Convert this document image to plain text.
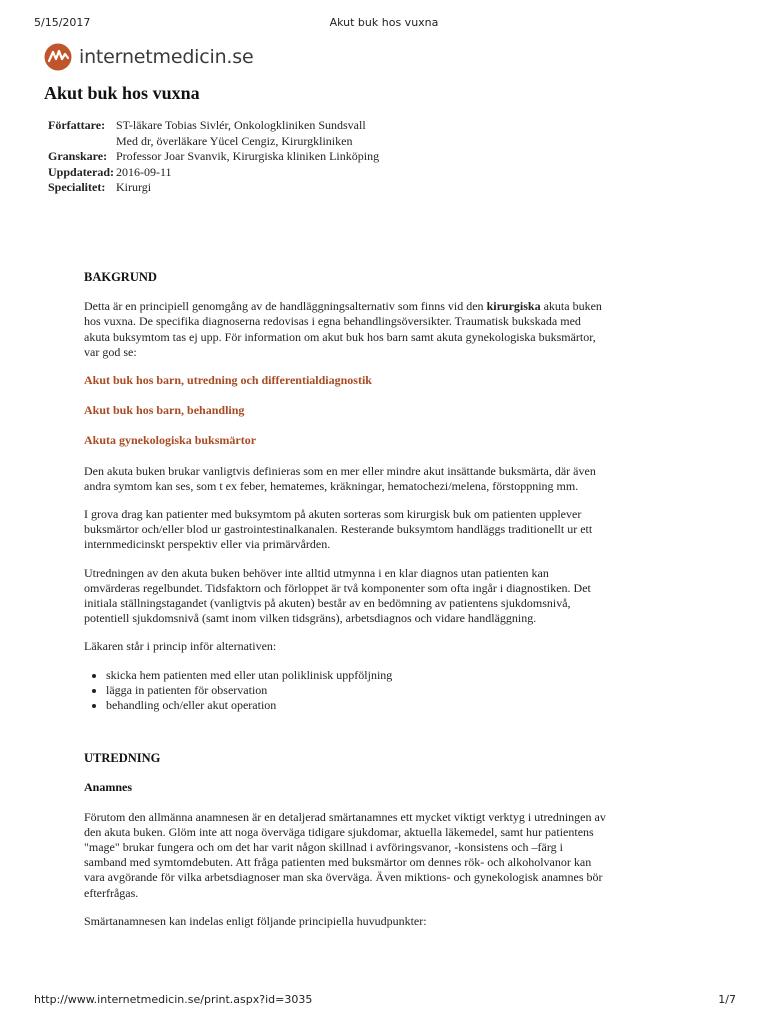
5/15/2017	Akut buk hos vuxna
internetmedicin.se
Akut buk hos vuxna
Författare:	ST-läkare Tobias Sivlér, Onkologkliniken Sundsvall
Med dr, överläkare Yücel Cengiz, Kirurgkliniken

Granskare:	Professor Joar Svanvik, Kirurgiska kliniken Linköping
Uppdaterad:	2016-09-11
Specialitet:	Kirurgi
BAKGRUND

Detta är en principiell genomgång av de handläggningsalternativ som finns vid den kirurgiska akuta buken hos vuxna. De specifika diagnoserna redovisas i egna behandlingsöversikter. Traumatisk bukskada med akuta buksymtom tas ej upp. För information om akut buk hos barn samt akuta gynekologiska buksmärtor, var god se:

Akut buk hos barn, utredning och differentialdiagnostik
Akut buk hos barn, behandling
Akuta gynekologiska buksmärtor

Den akuta buken brukar vanligtvis definieras som en mer eller mindre akut insättande buksmärta, där även andra symtom kan ses, som t ex feber, hematemes, kräkningar, hematochezi/melena, förstoppning mm.

I grova drag kan patienter med buksymtom på akuten sorteras som kirurgisk buk om patienten upplever buksmärtor och/eller blod ur gastrointestinalkanalen. Resterande buksymtom handläggs traditionellt ur ett internmedicinskt perspektiv eller via primärvården.

Utredningen av den akuta buken behöver inte alltid utmynna i en klar diagnos utan patienten kan omvärderas regelbundet. Tidsfaktorn och förloppet är två komponenter som ofta ingår i diagnostiken. Det initiala ställningstagandet (vanligtvis på akuten) består av en bedömning av patientens sjukdomsnivå, potentiell sjukdomsnivå (samt inom vilken tidsgräns), arbetsdiagnos och vidare handläggning.

Läkaren står i princip inför alternativen:

• skicka hem patienten med eller utan poliklinisk uppföljning
• lägga in patienten för observation
• behandling och/eller akut operation
UTREDNING
Anamnes

Förutom den allmänna anamnesen är en detaljerad smärtanamnes ett mycket viktigt verktyg i utredningen av den akuta buken. Glöm inte att noga överväga tidigare sjukdomar, aktuella läkemedel, samt hur patientens "mage" brukar fungera och om det har varit någon skillnad i avföringsvanor, -konsistens och –färg i samband med symtomdebuten. Att fråga patienten med buksmärtor om dennes rök- och alkoholvanor kan vara avgörande för vilka arbetsdiagnoser man ska överväga. Även miktions- och gynekologisk anamnes bör efterfrågas.

Smärtanamnesen kan indelas enligt följande principiella huvudpunkter:

http://www.internetmedicin.se/print.aspx?id=3035	1/7
